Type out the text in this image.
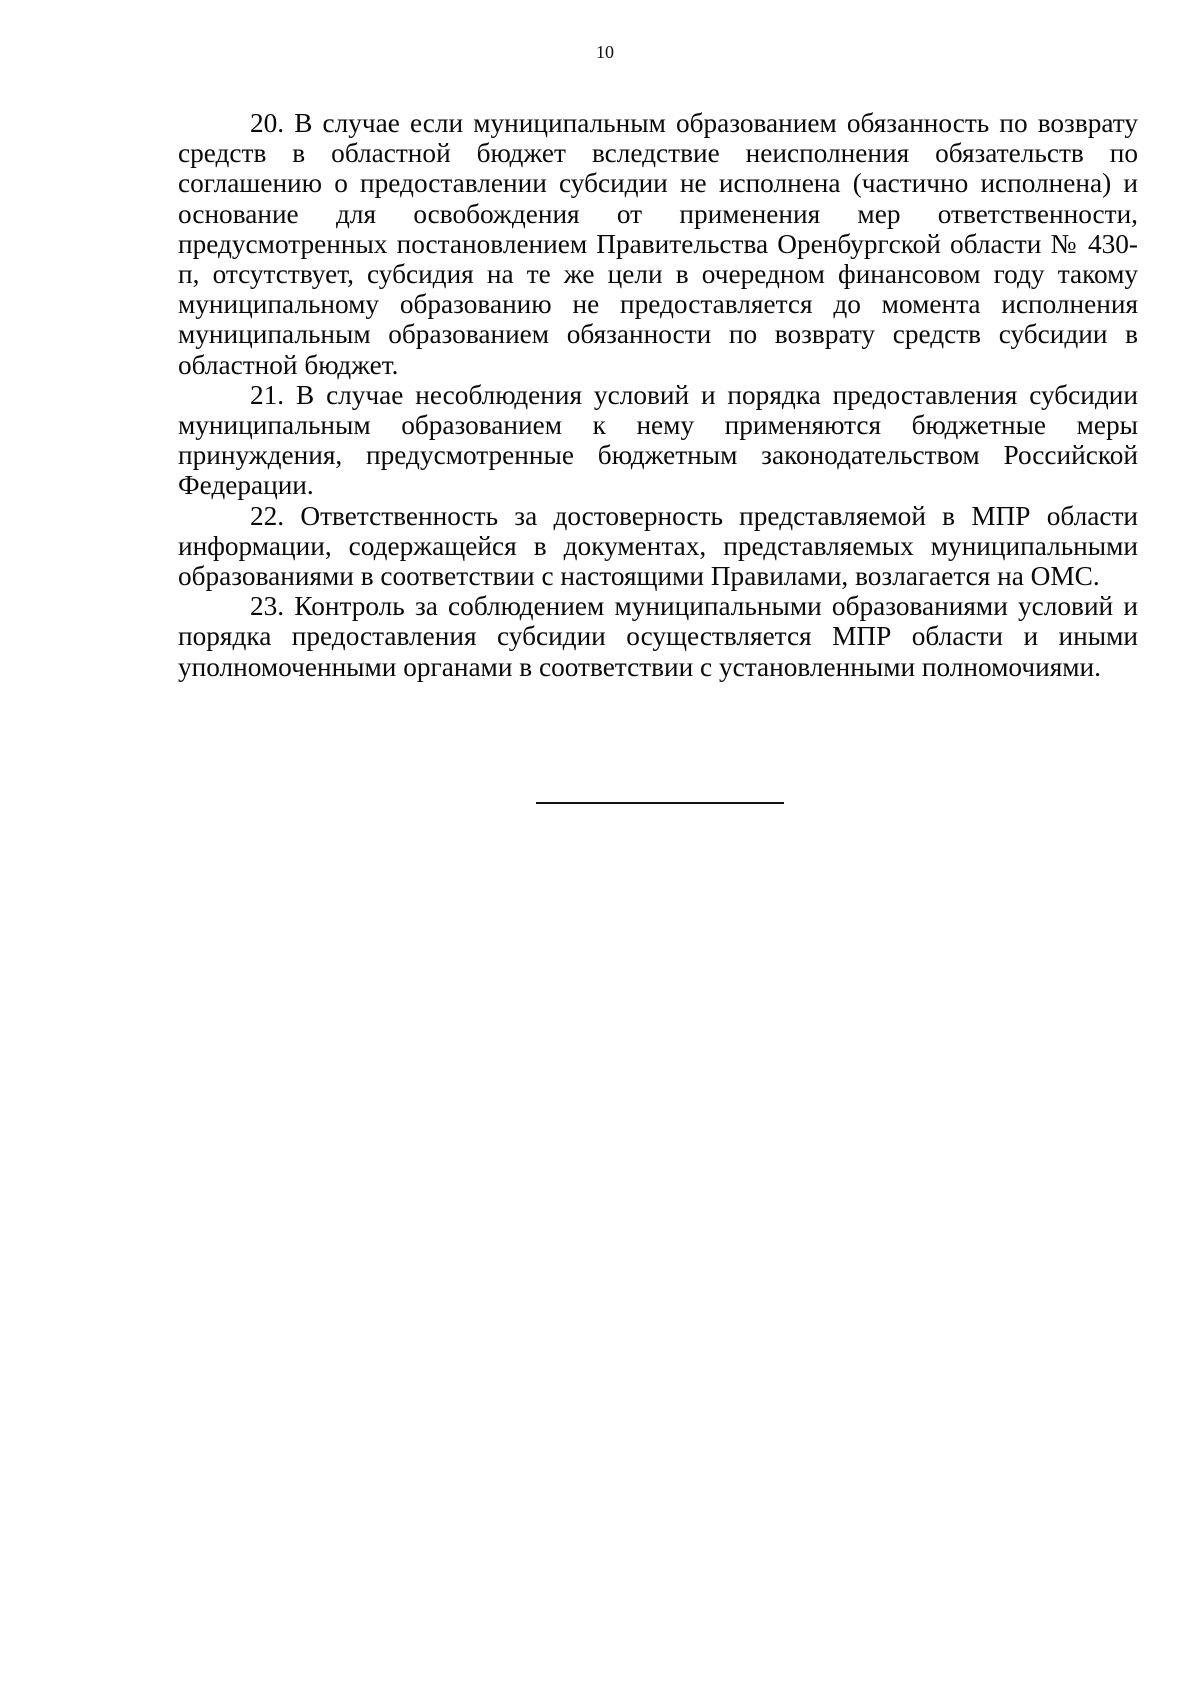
10

20. В случае если муниципальным образованием обязанность по возврату средств в областной бюджет вследствие неисполнения обязательств по соглашению о предоставлении субсидии не исполнена (частично исполнена) и основание для освобождения от применения мер ответственности, предусмотренных постановлением Правительства Оренбургской области № 430-п, отсутствует, субсидия на те же цели в очередном финансовом году такому муниципальному образованию не предоставляется до момента исполнения муниципальным образованием обязанности по возврату средств субсидии в областной бюджет.

21. В случае несоблюдения условий и порядка предоставления субсидии муниципальным образованием к нему применяются бюджетные меры принуждения, предусмотренные бюджетным законодательством Российской Федерации.

22. Ответственность за достоверность представляемой в МПР области информации, содержащейся в документах, представляемых муниципальными образованиями в соответствии с настоящими Правилами, возлагается на ОМС.

23. Контроль за соблюдением муниципальными образованиями условий и порядка предоставления субсидии осуществляется МПР области и иными уполномоченными органами в соответствии с установленными полномочиями.
